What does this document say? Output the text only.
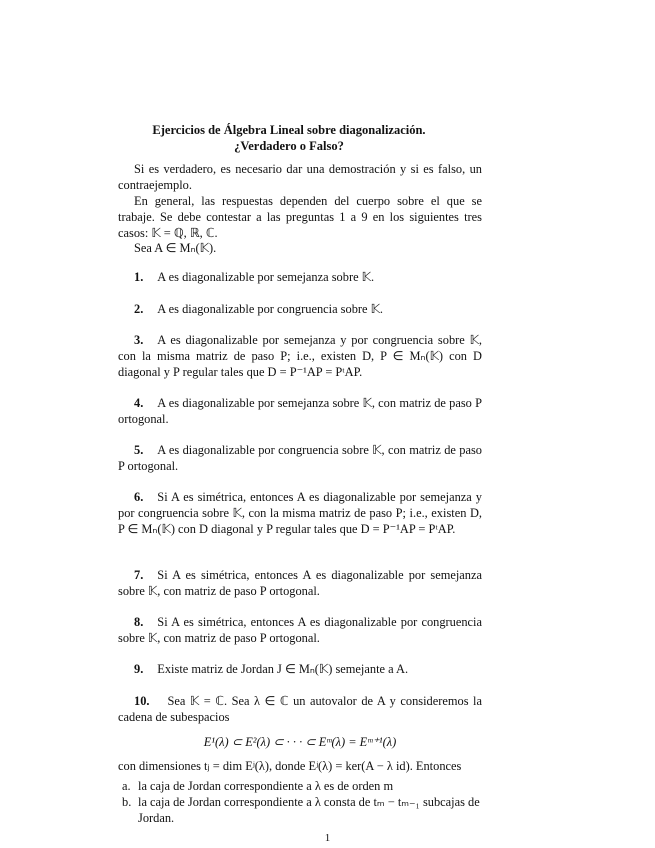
Ejercicios de Álgebra Lineal sobre diagonalización.
¿Verdadero o Falso?
Si es verdadero, es necesario dar una demostración y si es falso, un contraejemplo.
En general, las respuestas dependen del cuerpo sobre el que se trabaje. Se debe contestar a las preguntas 1 a 9 en los siguientes tres casos: 𝕂 = ℚ, ℝ, ℂ.
Sea A ∈ Mₙ(𝕂).
1. A es diagonalizable por semejanza sobre 𝕂.
2. A es diagonalizable por congruencia sobre 𝕂.
3. A es diagonalizable por semejanza y por congruencia sobre 𝕂, con la misma matriz de paso P; i.e., existen D, P ∈ Mₙ(𝕂) con D diagonal y P regular tales que D = P⁻¹AP = PᵗAP.
4. A es diagonalizable por semejanza sobre 𝕂, con matriz de paso P ortogonal.
5. A es diagonalizable por congruencia sobre 𝕂, con matriz de paso P ortogonal.
6. Si A es simétrica, entonces A es diagonalizable por semejanza y por congruencia sobre 𝕂, con la misma matriz de paso P; i.e., existen D, P ∈ Mₙ(𝕂) con D diagonal y P regular tales que D = P⁻¹AP = PᵗAP.
7. Si A es simétrica, entonces A es diagonalizable por semejanza sobre 𝕂, con matriz de paso P ortogonal.
8. Si A es simétrica, entonces A es diagonalizable por congruencia sobre 𝕂, con matriz de paso P ortogonal.
9. Existe matriz de Jordan J ∈ Mₙ(𝕂) semejante a A.
10. Sea 𝕂 = ℂ. Sea λ ∈ ℂ un autovalor de A y consideremos la cadena de subespacios
E¹(λ) ⊂ E²(λ) ⊂ · · · ⊂ Eᵐ(λ) = Eᵐ⁺¹(λ)
con dimensiones tⱼ = dim Eʲ(λ), donde Eʲ(λ) = ker(A − λ id). Entonces
a. la caja de Jordan correspondiente a λ es de orden m
b. la caja de Jordan correspondiente a λ consta de tₘ − tₘ₋₁ subcajas de Jordan.
1
